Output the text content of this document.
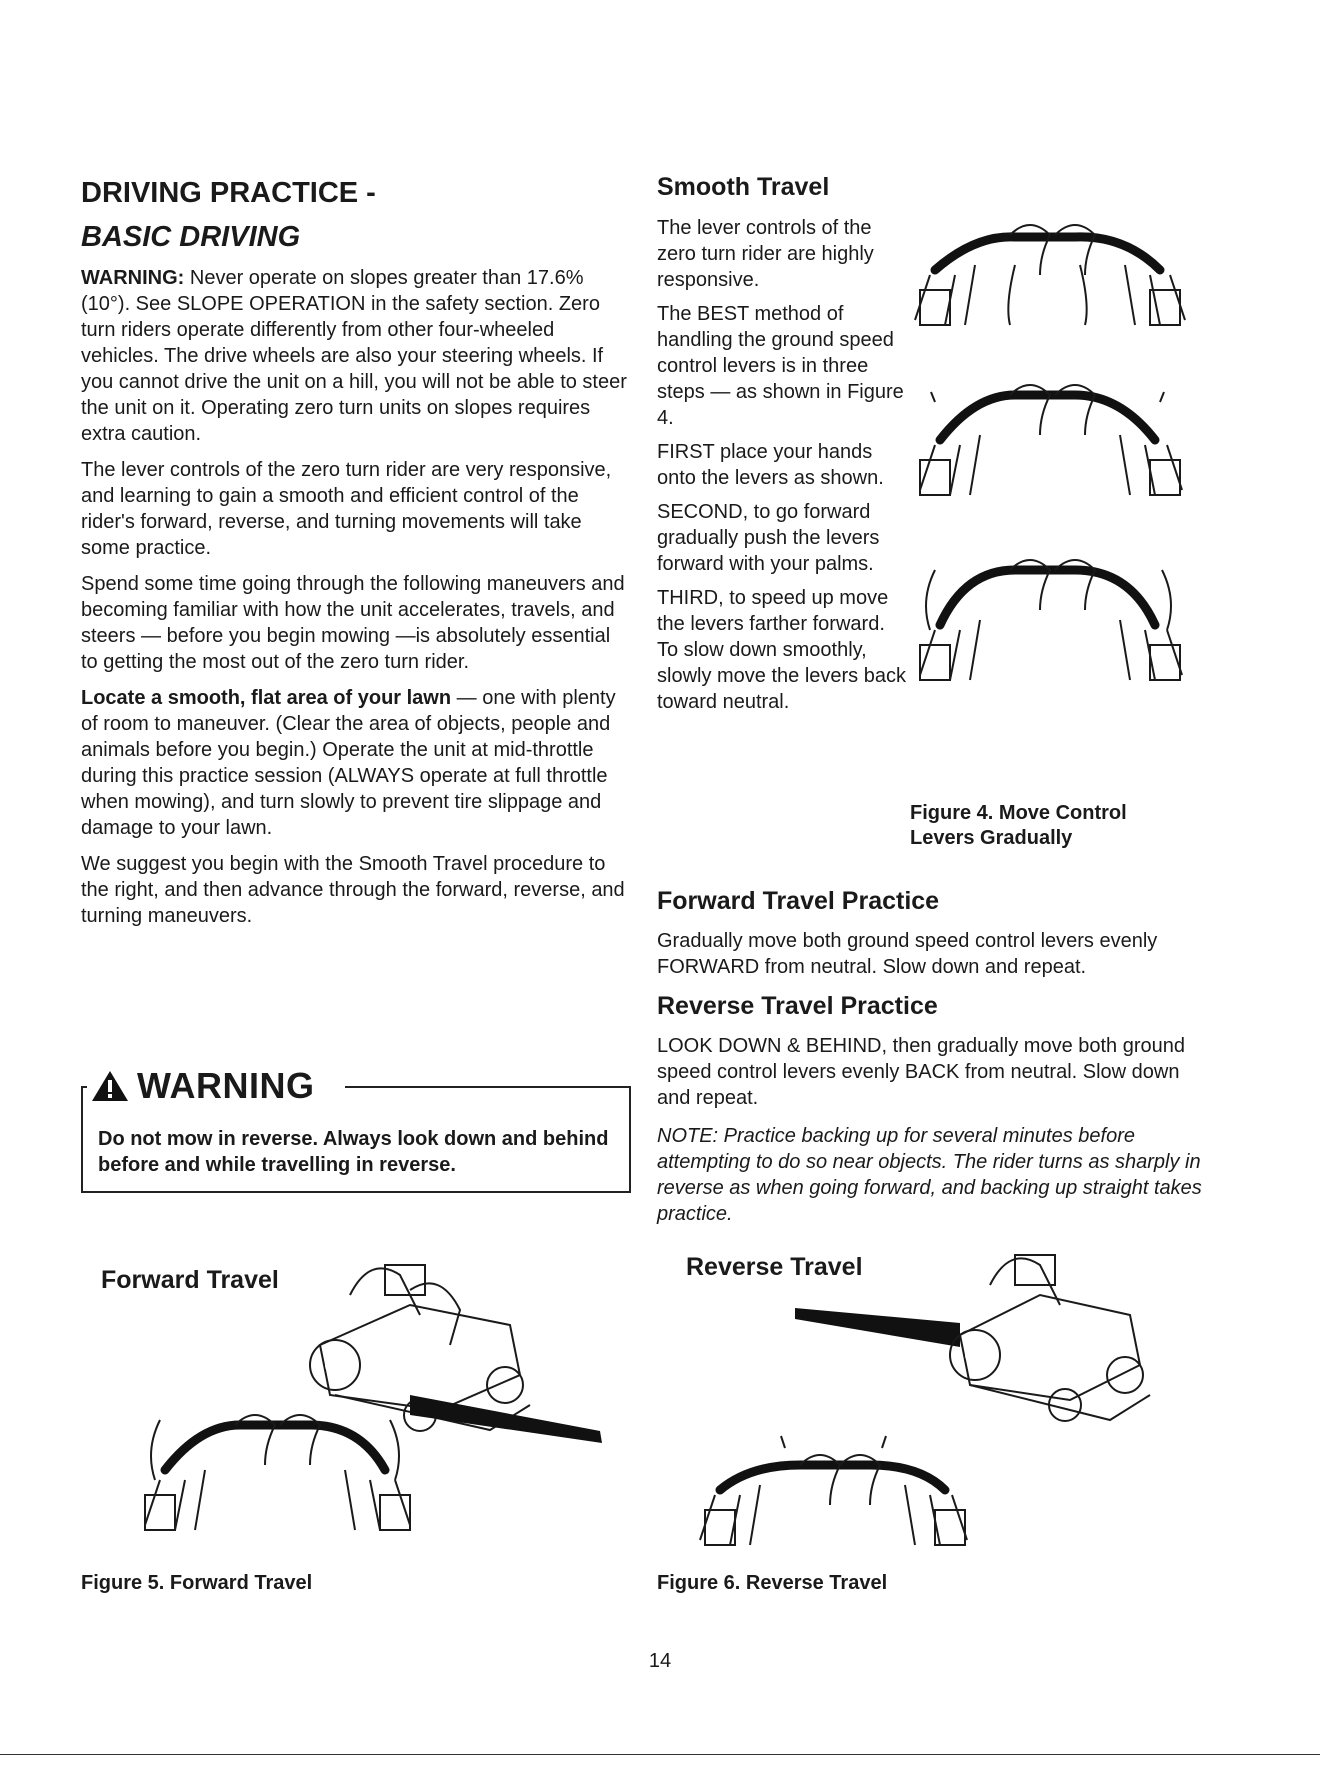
DRIVING PRACTICE -
BASIC DRIVING

WARNING: Never operate on slopes greater than 17.6% (10°). See SLOPE OPERATION in the safety section. Zero turn riders operate differently from other four-wheeled vehicles. The drive wheels are also your steering wheels. If you cannot drive the unit on a hill, you will not be able to steer the unit on it. Operating zero turn units on slopes requires extra caution.

The lever controls of the zero turn rider are very responsive, and learning to gain a smooth and efficient control of the rider's forward, reverse, and turning movements will take some practice.

Spend some time going through the following maneuvers and becoming familiar with how the unit accelerates, travels, and steers — before you begin mowing —is absolutely essential to getting the most out of the zero turn rider.

Locate a smooth, flat area of your lawn — one with plenty of room to maneuver. (Clear the area of objects, people and animals before you begin.) Operate the unit at mid-throttle during this practice session (ALWAYS operate at full throttle when mowing), and turn slowly to prevent tire slippage and damage to your lawn.

We suggest you begin with the Smooth Travel procedure to the right, and then advance through the forward, reverse, and turning maneuvers.

WARNING
Do not mow in reverse. Always look down and behind before and while travelling in reverse.
Smooth Travel

The lever controls of the zero turn rider are highly responsive.

The BEST method of handling the ground speed control levers is in three steps — as shown in Figure 4.

FIRST place your hands onto the levers as shown.

SECOND, to go forward gradually push the levers forward with your palms.

THIRD, to speed up move the levers farther forward. To slow down smoothly, slowly move the levers back toward neutral.

Figure 4. Move Control
Levers Gradually
Forward Travel Practice
Gradually move both ground speed control levers evenly FORWARD from neutral. Slow down and repeat.
Reverse Travel Practice
LOOK DOWN & BEHIND, then gradually move both ground speed control levers evenly BACK from neutral. Slow down and repeat.
NOTE: Practice backing up for several minutes before attempting to do so near objects. The rider turns as sharply in reverse as when going forward, and backing up straight takes practice.
Forward Travel
Figure 5. Forward Travel
Reverse Travel
Figure 6. Reverse Travel
14
